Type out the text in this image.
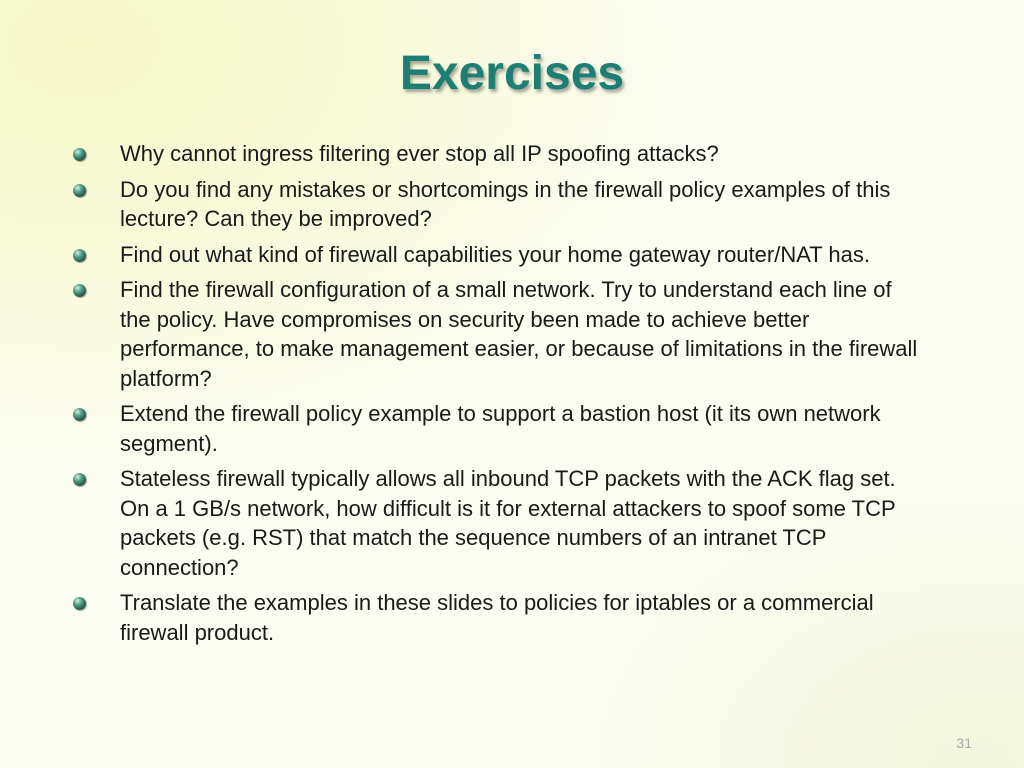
Exercises
Why cannot ingress filtering ever stop all IP spoofing attacks?
Do you find any mistakes or shortcomings in the firewall policy examples of this lecture? Can they be improved?
Find out what kind of firewall capabilities your home gateway router/NAT has.
Find the firewall configuration of a small network. Try to understand each line of the policy. Have compromises on security been made to achieve better performance, to make management easier, or because of limitations in the firewall platform?
Extend the firewall policy example to support a bastion host (it its own network segment).
Stateless firewall typically allows all inbound TCP packets with the ACK flag set. On a 1 GB/s network, how difficult is it for external attackers to spoof some TCP packets (e.g. RST) that match the sequence numbers of an intranet TCP connection?
Translate the examples in these slides to policies for iptables or a commercial firewall product.
31
